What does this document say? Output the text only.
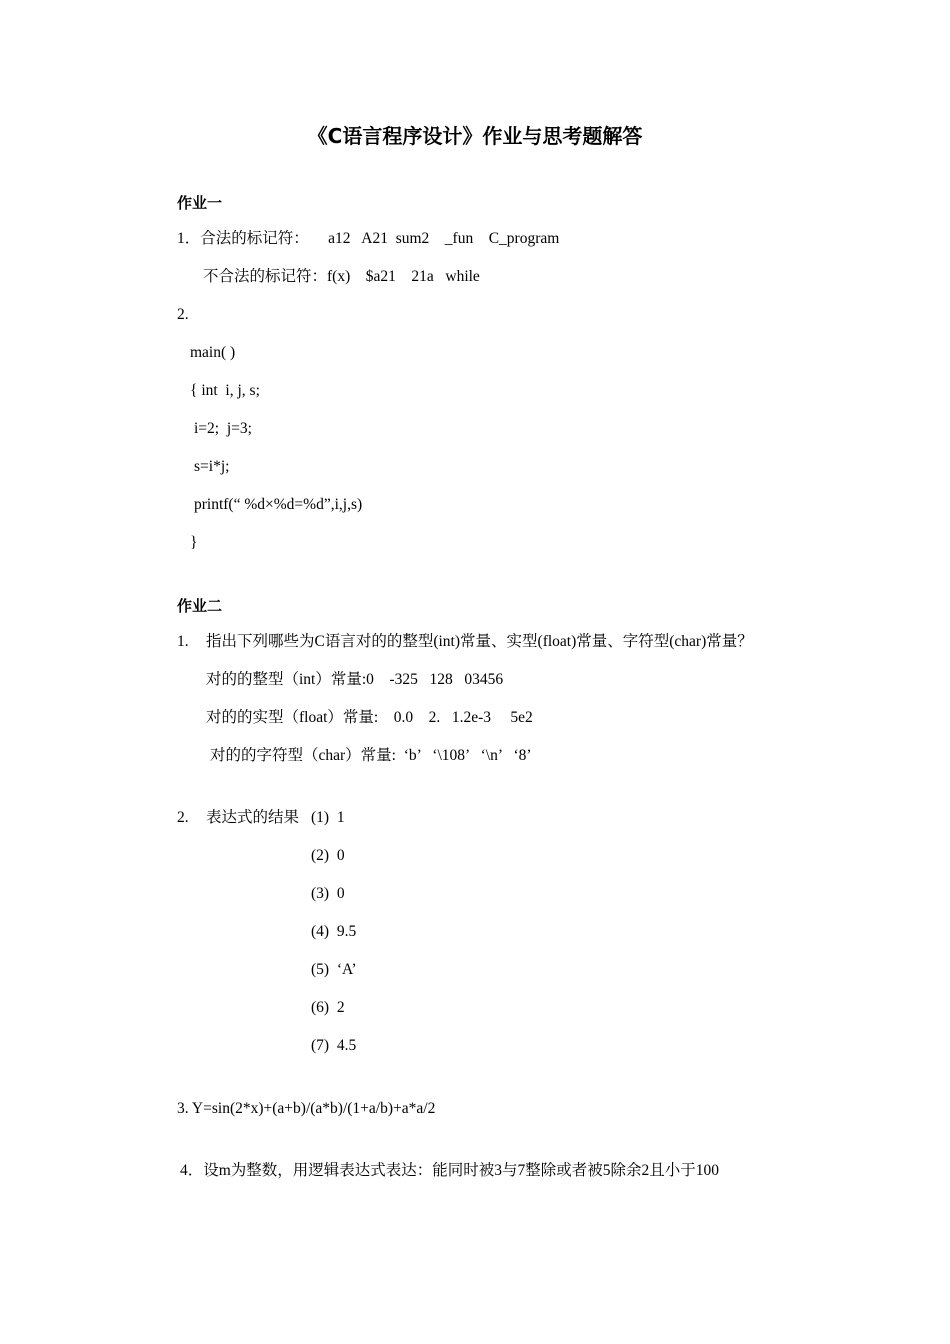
《C语言程序设计》作业与思考题解答
作业一
1．合法的标记符：     a12   A21  sum2    _fun    C_program
不合法的标记符：f(x)    $a21    21a   while
2.
main( )
{ int  i, j, s;
i=2;  j=3;
s=i*j;
printf(“ %d×%d=%d”,i,j,s)
}
作业二
1. 指出下列哪些为C语言对的的整型(int)常量、实型(float)常量、字符型(char)常量？
对的的整型（int）常量:0    -325   128   03456
对的的实型（float）常量:    0.0    2.   1.2e-3     5e2
对的的字符型（char）常量:  ‘b’   ‘\108’   ‘\n’   ‘8’
2. 表达式的结果 (1)  1
(2)  0
(3)  0
(4)  9.5
(5)  ‘A’
(6)  2
(7)  4.5
3. Y=sin(2*x)+(a+b)/(a*b)/(1+a/b)+a*a/2
4．设m为整数，用逻辑表达式表达：能同时被3与7整除或者被5除余2且小于100
